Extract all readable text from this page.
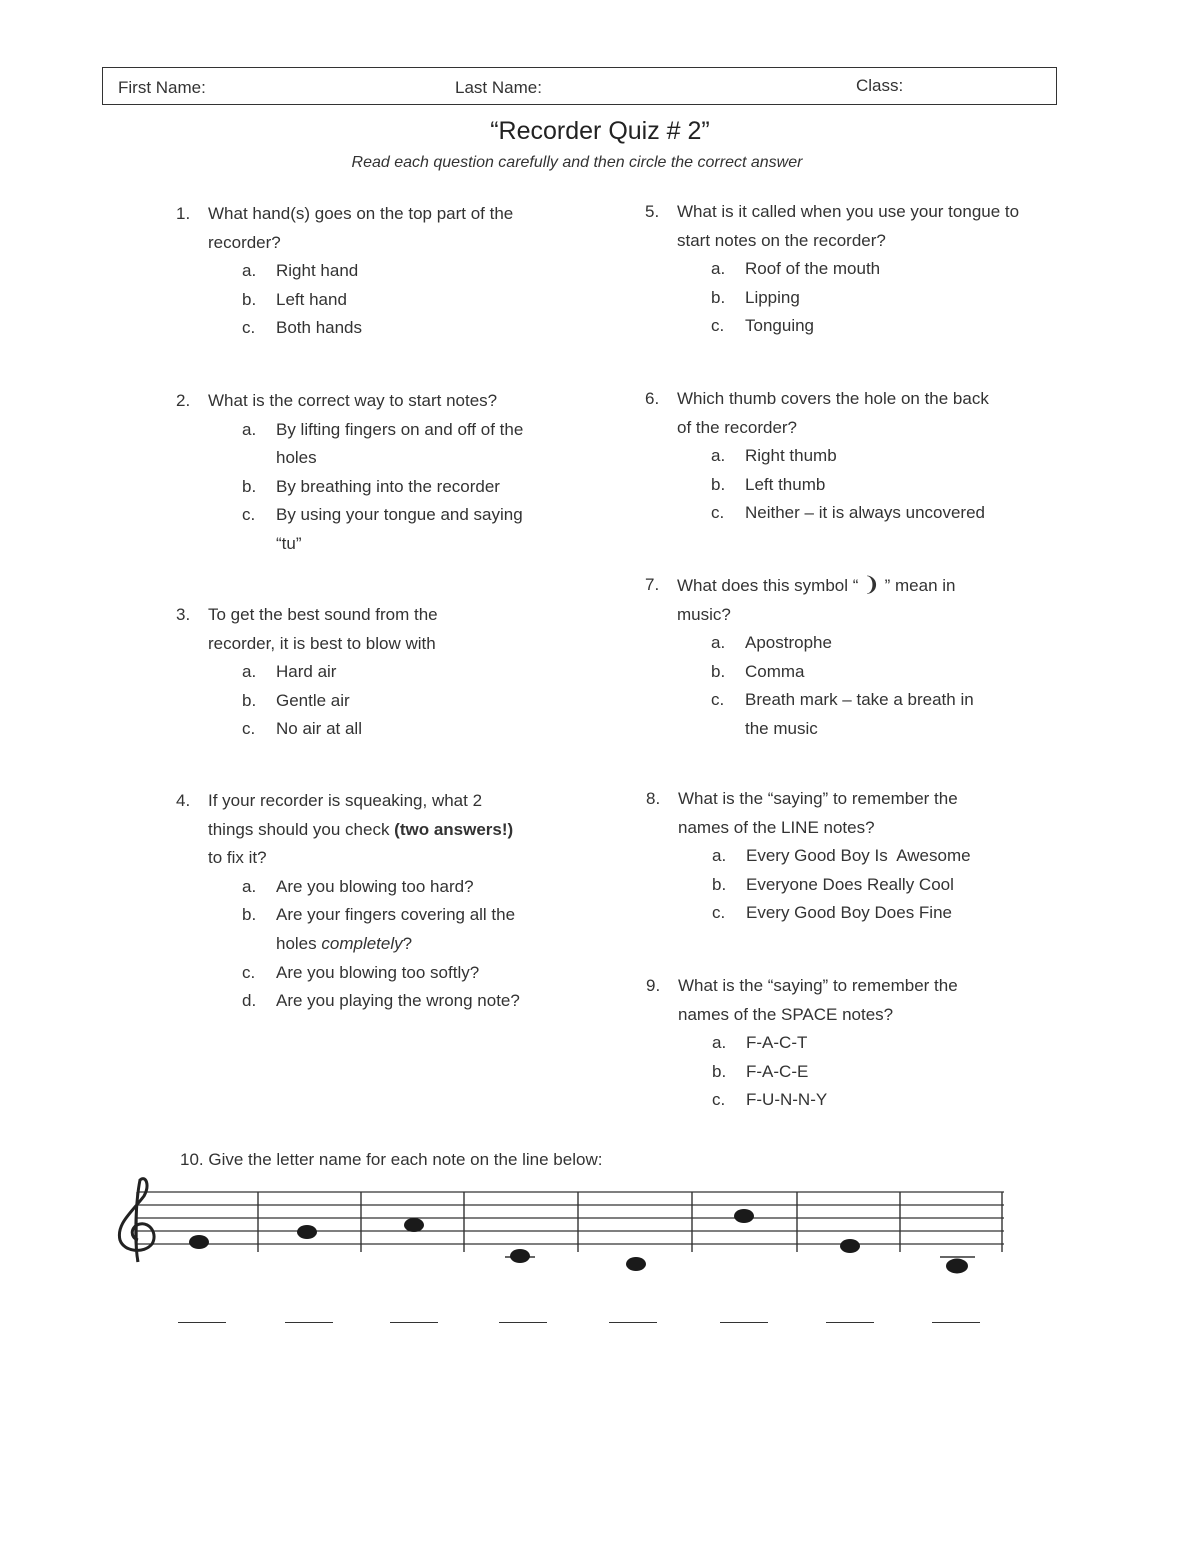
First Name:	Last Name:	Class:
“Recorder Quiz # 2”
Read each question carefully and then circle the correct answer
1. What hand(s) goes on the top part of the recorder?
a. Right hand
b. Left hand
c. Both hands
2. What is the correct way to start notes?
a. By lifting fingers on and off of the holes
b. By breathing into the recorder
c. By using your tongue and saying “tu”
3. To get the best sound from the recorder, it is best to blow with
a. Hard air
b. Gentle air
c. No air at all
4. If your recorder is squeaking, what 2 things should you check (two answers!) to fix it?
a. Are you blowing too hard?
b. Are your fingers covering all the holes completely?
c. Are you blowing too softly?
d. Are you playing the wrong note?
5. What is it called when you use your tongue to start notes on the recorder?
a. Roof of the mouth
b. Lipping
c. Tonguing
6. Which thumb covers the hole on the back of the recorder?
a. Right thumb
b. Left thumb
c. Neither – it is always uncovered
7. What does this symbol “ ❩ ” mean in music?
a. Apostrophe
b. Comma
c. Breath mark – take a breath in the music
8. What is the “saying” to remember the names of the LINE notes?
a. Every Good Boy Is  Awesome
b. Everyone Does Really Cool
c. Every Good Boy Does Fine
9. What is the “saying” to remember the names of the SPACE notes?
a. F-A-C-T
b. F-A-C-E
c. F-U-N-N-Y
10. Give the letter name for each note on the line below:
